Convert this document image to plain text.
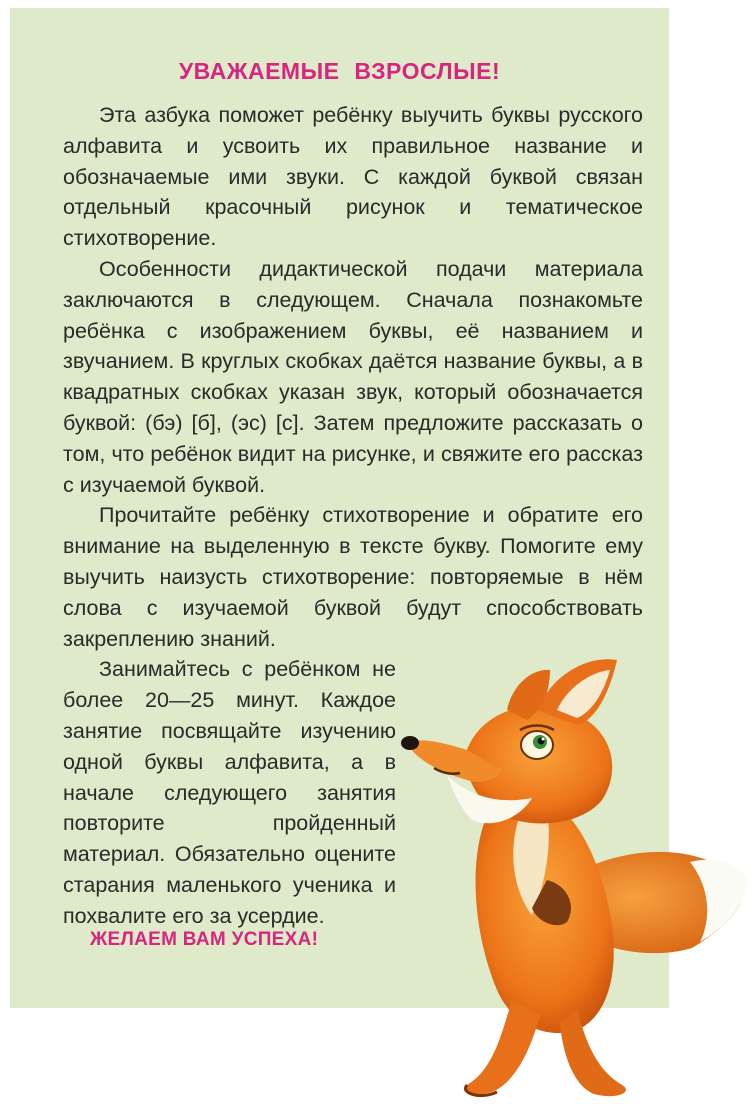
УВАЖАЕМЫЕ ВЗРОСЛЫЕ!

Эта азбука поможет ребёнку выучить буквы русского алфавита и усвоить их правильное название и обозначаемые ими звуки. С каждой буквой связан отдельный красочный рисунок и тематическое стихотворение.

Особенности дидактической подачи материала заключаются в следующем. Сначала познакомьте ребёнка с изображением буквы, её названием и звучанием. В круглых скобках даётся название буквы, а в квадратных скобках указан звук, который обозначается буквой: (бэ) [б], (эс) [с]. Затем предложите рассказать о том, что ребёнок видит на рисунке, и свяжите его рассказ с изучаемой буквой.

Прочитайте ребёнку стихотворение и обратите его внимание на выделенную в тексте букву. Помогите ему выучить наизусть стихотворение: повторяемые в нём слова с изучаемой буквой будут способствовать закреплению знаний.

Занимайтесь с ребёнком не более 20—25 минут. Каждое занятие посвящайте изучению одной буквы алфавита, а в начале следующего занятия повторите пройденный материал. Обязательно оцените старания маленького ученика и похвалите его за усердие.

ЖЕЛАЕМ ВАМ УСПЕХА!
